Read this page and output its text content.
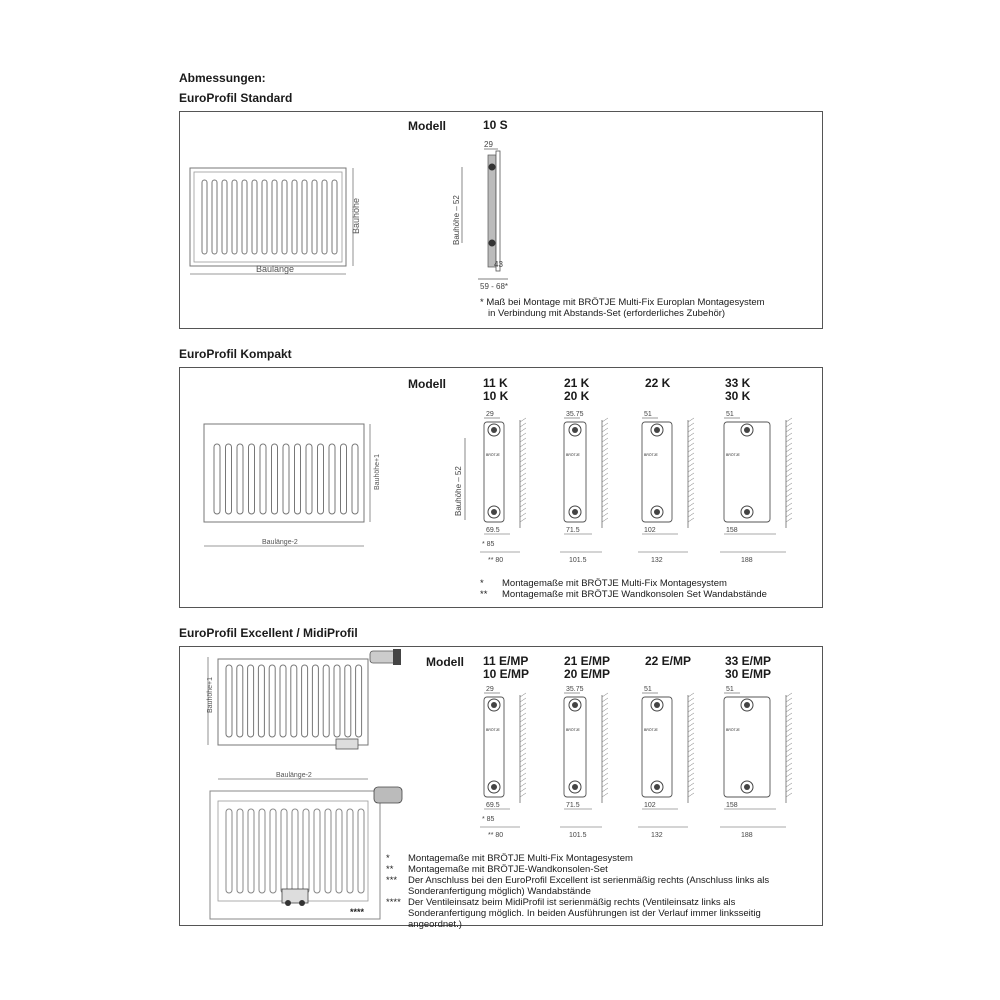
Abmessungen:
EuroProfil Standard
Modell	10 S
Baulänge
Bauhöhe
29
Bauhöhe – 52
43
59 - 68*
* Maß bei Montage mit BRÖTJE Multi-Fix Europlan Montagesystem
in Verbindung mit Abstands-Set (erforderliches Zubehör)
EuroProfil Kompakt
Modell	11 K
10 K
21 K
20 K
22 K	33 K
30 K
Baulänge-2
Bauhöhe+1
29
BRÖTJE
69.5
** 80
* 85
35.75
BRÖTJE
71.5
101.5
51
BRÖTJE
102
132
51
BRÖTJE
158
188
Bauhöhe – 52
*	Montagemaße mit BRÖTJE Multi-Fix Montagesystem
**	Montagemaße mit BRÖTJE Wandkonsolen Set Wandabstände
EuroProfil Excellent / MidiProfil
Modell 11 E/MP
10 E/MP
21 E/MP
20 E/MP
22 E/MP	33 E/MP
30 E/MP
Bauhöhe+1
Baulänge-2
****
29
BRÖTJE
69.5
** 80
* 85
35.75
BRÖTJE
71.5
101.5
51
BRÖTJE
102
132
51
BRÖTJE
158
188
*	Montagemaße mit BRÖTJE Multi-Fix Montagesystem
**	Montagemaße mit BRÖTJE-Wandkonsolen-Set
***	Der Anschluss bei den EuroProfil Excellent ist serienmäßig rechts (Anschluss links als Sonderanfertigung möglich) Wandabstände
**** Der Ventileinsatz beim MidiProfil ist serienmäßig rechts (Ventileinsatz links als Sonderanfertigung möglich. In beiden Ausführungen ist der Verlauf immer linksseitig angeordnet.)
